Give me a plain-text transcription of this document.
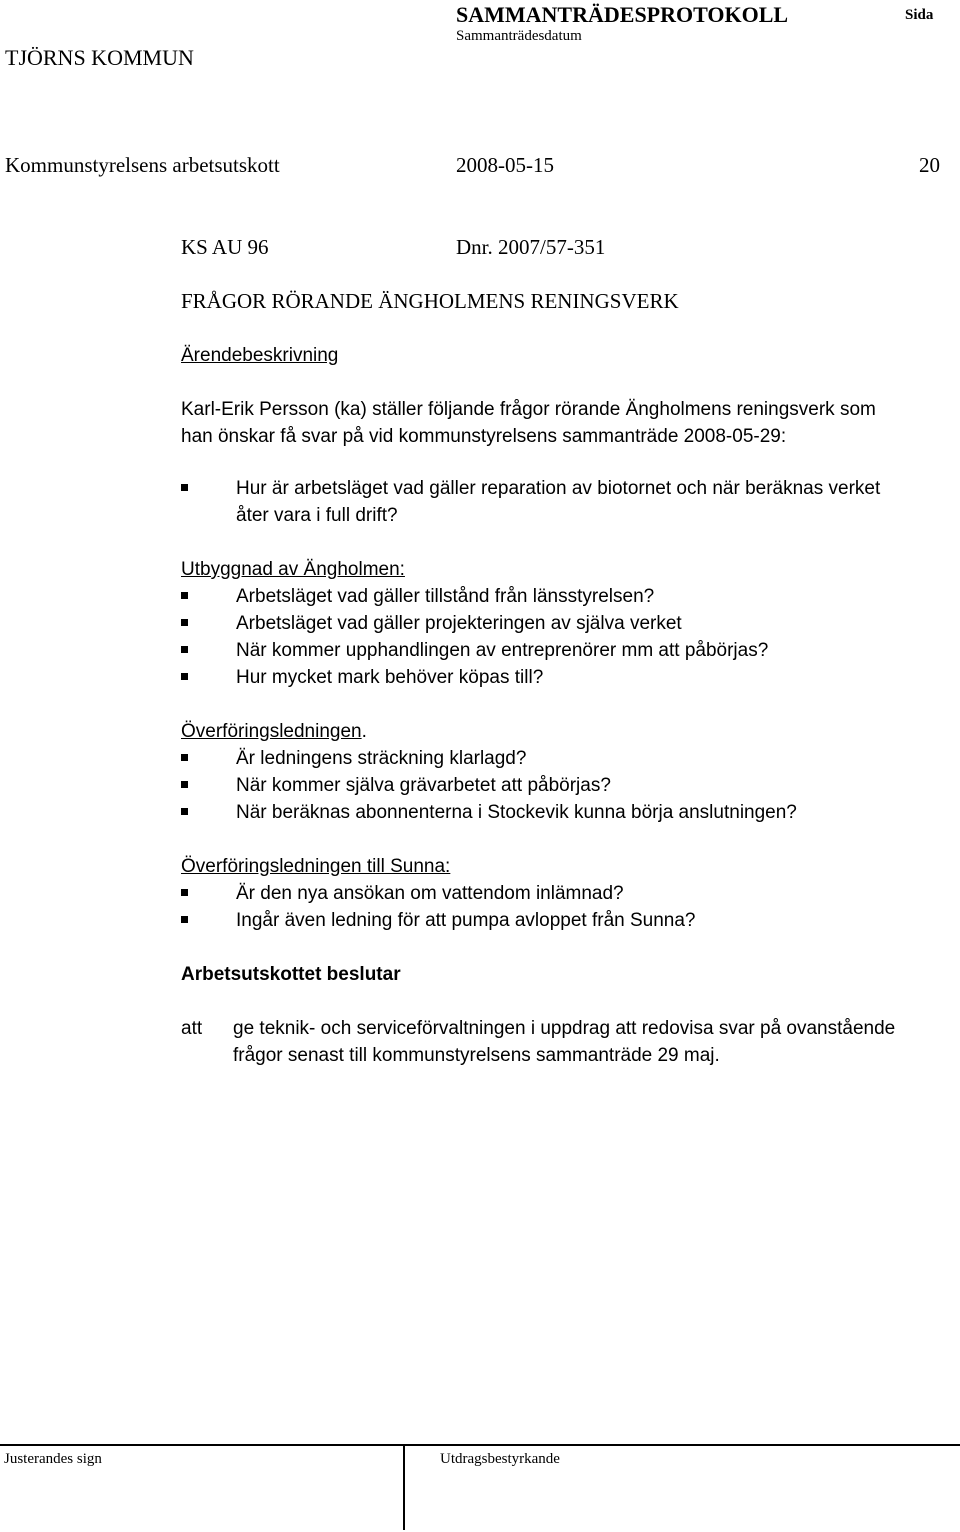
SAMMANTRÄDESPROTOKOLL	Sida
Sammanträdesdatum
TJÖRNS KOMMUN
Kommunstyrelsens arbetsutskott	2008-05-15	20
KS AU 96	Dnr. 2007/57-351
FRÅGOR RÖRANDE ÄNGHOLMENS RENINGSVERK
Ärendebeskrivning
Karl-Erik Persson (ka) ställer följande frågor rörande Ängholmens reningsverk som
han önskar få svar på vid kommunstyrelsens sammanträde 2008-05-29:
Hur är arbetsläget vad gäller reparation av biotornet och när beräknas verket
åter vara i full drift?
Utbyggnad av Ängholmen:
Arbetsläget vad gäller tillstånd från länsstyrelsen?
Arbetsläget vad gäller projekteringen av själva verket
När kommer upphandlingen av entreprenörer mm att påbörjas?
Hur mycket mark behöver köpas till?
Överföringsledningen.
Är ledningens sträckning klarlagd?
När kommer själva grävarbetet att påbörjas?
När beräknas abonnenterna i Stockevik kunna börja anslutningen?
Överföringsledningen till Sunna:
Är den nya ansökan om vattendom inlämnad?
Ingår även ledning för att pumpa avloppet från Sunna?
Arbetsutskottet beslutar
att ge teknik- och serviceförvaltningen i uppdrag att redovisa svar på ovanstående
frågor senast till kommunstyrelsens sammanträde 29 maj.
Justerandes sign	Utdragsbestyrkande
